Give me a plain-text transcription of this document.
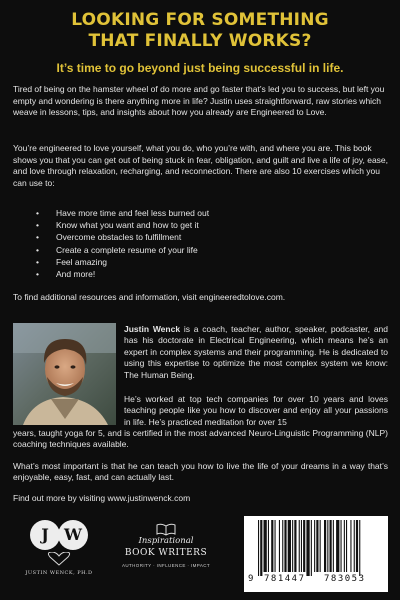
LOOKING FOR SOMETHING
THAT FINALLY WORKS?
It’s time to go beyond just being successful in life.
Tired of being on the hamster wheel of do more and go faster that’s led you to success, but left you empty and wondering is there anything more in life? Justin uses straightforward, raw stories which weave in lessons, tips, and insights about how you already are Engineered to Love.
You’re engineered to love yourself, what you do, who you’re with, and where you are. This book shows you that you can get out of being stuck in fear, obligation, and guilt and live a life of joy, ease, and love through relaxation, recharging, and reconnection. There are also 10 exercises which you can use to:
• Have more time and feel less burned out
• Know what you want and how to get it
• Overcome obstacles to fulfillment
• Create a complete resume of your life
• Feel amazing
• And more!
To find additional resources and information, visit engineeredtolove.com.
Justin Wenck is a coach, teacher, author, speaker, podcaster, and has his doctorate in Electrical Engineering, which means he’s an expert in complex systems and their programming. He is dedicated to using this expertise to optimize the most complex system we know: The Human Being.
He’s worked at top tech companies for over 10 years and loves teaching people like you how to discover and enjoy all your passions in life. He’s practiced meditation for over 15
years, taught yoga for 5, and is certified in the most advanced Neuro-Linguistic Programming (NLP) coaching techniques available.
What’s most important is that he can teach you how to live the life of your dreams in a way that’s enjoyable, easy, fast, and can actually last.
Find out more by visiting www.justinwenck.com
J W
JUSTIN WENCK, PH.D
Inspirational
BOOK WRITERS
AUTHORITY · INFLUENCE · IMPACT
9 781447 783053
